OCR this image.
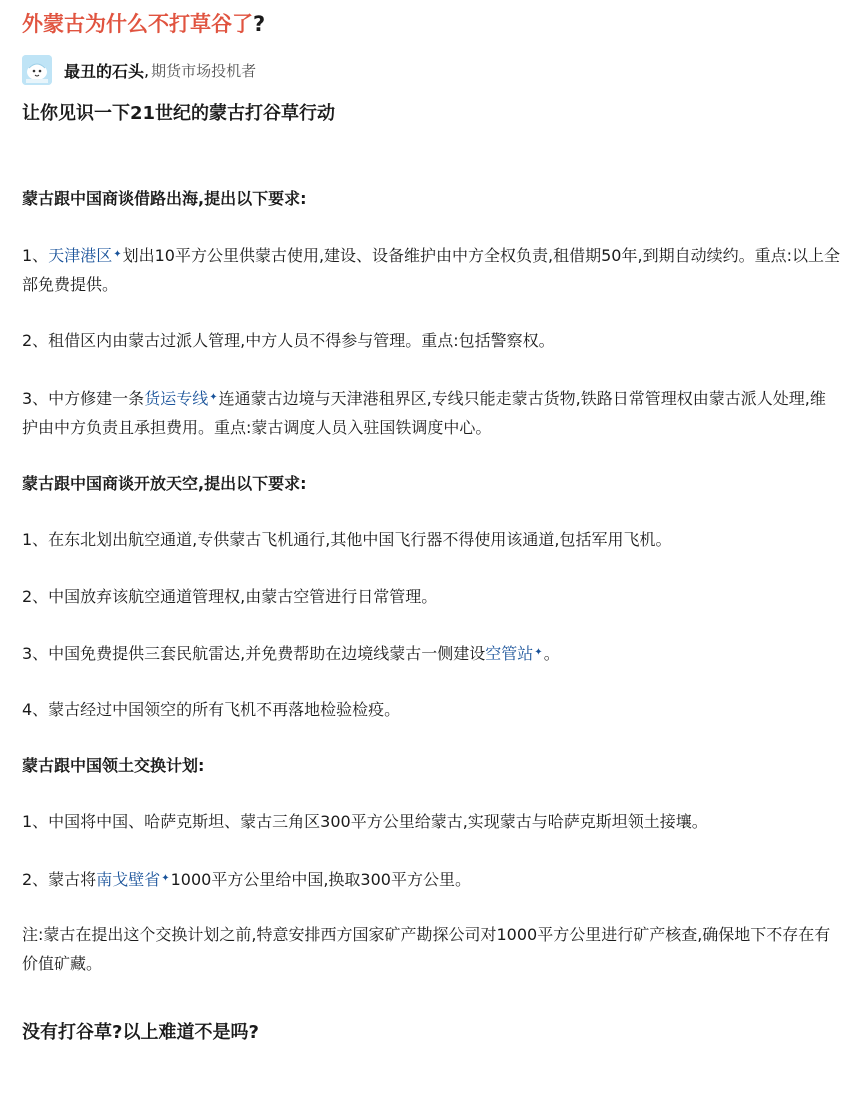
外蒙古为什么不打草谷了?
最丑的石头 , 期货市场投机者
让你见识一下21世纪的蒙古打谷草行动
蒙古跟中国商谈借路出海,提出以下要求:
1、天津港区✦划出10平方公里供蒙古使用,建设、设备维护由中方全权负责,租借期50年,到期自动续约。重点:以上全部免费提供。
2、租借区内由蒙古过派人管理,中方人员不得参与管理。重点:包括警察权。
3、中方修建一条货运专线✦连通蒙古边境与天津港租界区,专线只能走蒙古货物,铁路日常管理权由蒙古派人处理,维护由中方负责且承担费用。重点:蒙古调度人员入驻国铁调度中心。
蒙古跟中国商谈开放天空,提出以下要求:
1、在东北划出航空通道,专供蒙古飞机通行,其他中国飞行器不得使用该通道,包括军用飞机。
2、中国放弃该航空通道管理权,由蒙古空管进行日常管理。
3、中国免费提供三套民航雷达,并免费帮助在边境线蒙古一侧建设空管站✦。
4、蒙古经过中国领空的所有飞机不再落地检验检疫。
蒙古跟中国领土交换计划:
1、中国将中国、哈萨克斯坦、蒙古三角区300平方公里给蒙古,实现蒙古与哈萨克斯坦领土接壤。
2、蒙古将南戈壁省✦1000平方公里给中国,换取300平方公里。
注:蒙古在提出这个交换计划之前,特意安排西方国家矿产勘探公司对1000平方公里进行矿产核查,确保地下不存在有价值矿藏。
没有打谷草?以上难道不是吗?
